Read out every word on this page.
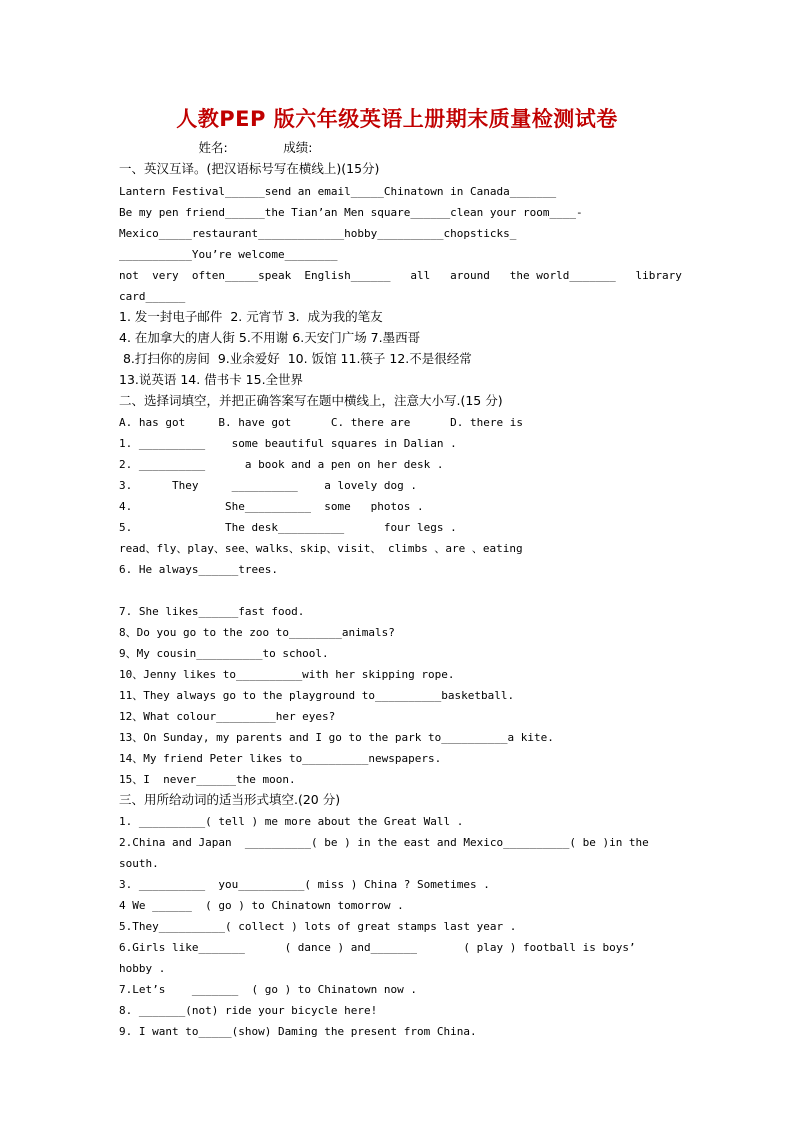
人教PEP 版六年级英语上册期末质量检测试卷
姓名:              成绩:
一、英汉互译。(把汉语标号写在横线上)(15分)
Lantern Festival______send an email_____Chinatown in Canada_______
Be my pen friend______the Tian’an Men square______clean your room____-
Mexico_____restaurant_____________hobby__________chopsticks_
___________You’re welcome________
not  very  often_____speak  English______   all   around   the world_______   library
card______
1. 发一封电子邮件  2. 元宵节 3.  成为我的笔友
4. 在加拿大的唐人街 5.不用谢 6.天安门广场 7.墨西哥
8.打扫你的房间  9.业余爱好  10. 饭馆 11.筷子 12.不是很经常
13.说英语 14. 借书卡 15.全世界
二、选择词填空，并把正确答案写在题中横线上，注意大小写.(15 分)
A. has got     B. have got      C. there are      D. there is
1. __________    some beautiful squares in Dalian .
2. __________      a book and a pen on her desk .
3.      They     __________    a lovely dog .
4.              She__________  some   photos .
5.              The desk__________      four legs .
read、fly、play、see、walks、skip、visit、 climbs 、are 、eating
6. He always______trees.
7. She likes______fast food.
8、Do you go to the zoo to________animals?
9、My cousin__________to school.
10、Jenny likes to__________with her skipping rope.
11、They always go to the playground to__________basketball.
12、What colour_________her eyes?
13、On Sunday, my parents and I go to the park to__________a kite.
14、My friend Peter likes to__________newspapers.
15、I  never______the moon.
三、用所给动词的适当形式填空.(20 分)
1. __________( tell ) me more about the Great Wall .
2.China and Japan  __________( be ) in the east and Mexico__________( be )in the
south.
3. __________  you__________( miss ) China ? Sometimes .
4 We ______  ( go ) to Chinatown tomorrow .
5.They__________( collect ) lots of great stamps last year .
6.Girls like_______      ( dance ) and_______       ( play ) football is boys’
hobby .
7.Let’s    _______  ( go ) to Chinatown now .
8. _______(not) ride your bicycle here!
9. I want to_____(show) Daming the present from China.
